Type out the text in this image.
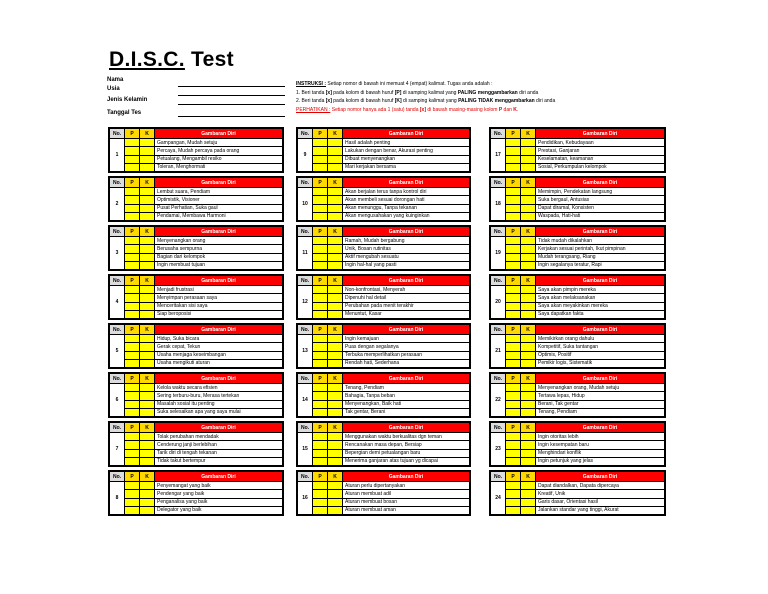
D.I.S.C. Test
Nama
Usia
Jenis Kelamin
Tanggal Tes
INSTRUKSI : Setiap nomor di bawah ini memuat 4 (empat) kalimat. Tugas anda adalah :
1. Beri tanda [x] pada kolom di bawah huruf [P] di samping kalimat yang PALING menggambarkan diri anda
2. Beri tanda [x] pada kolom di bawah huruf [K] di samping kalimat yang PALING TIDAK menggambarkan diri anda
PERHATIKAN : Setiap nomor hanya ada 1 (satu) tanda [x] di bawah masing-masing kolom P dan K.
No.	P	K	Gambaran Diri
1			Gampangan, Mudah setuju
			Percaya, Mudah percaya pada orang
			Petualang, Mengambil resiko
			Toleran, Menghormati
No.	P	K	Gambaran Diri
2			Lembut suara, Pendiam
			Optimistik, Visioner
			Pusat Perhatian, Suka gaul
			Pendamai, Membawa Harmoni
No.	P	K	Gambaran Diri
3			Menyenangkan orang
			Berusaha sempurna
			Bagian dari kelompok
			Ingin membuat tujuan
No.	P	K	Gambaran Diri
4			Menjadi frustrasi
			Menyimpan perasaan saya
			Menceritakan sisi saya
			Siap beroposisi
No.	P	K	Gambaran Diri
5			Hidup, Suka bicara
			Gerak cepat, Tekun
			Usaha menjaga keseimbangan
			Usaha mengikuti aturan
No.	P	K	Gambaran Diri
6			Kelola waktu secara efisien
			Sering terburu-buru, Merasa tertekan
			Masalah sosial itu penting
			Suka selesaikan apa yang saya mulai
No.	P	K	Gambaran Diri
7			Tolak perubahan mendadak
			Cenderung janji berlebihan
			Tarik diri di tengah tekanan
			Tidak takut bertempur
No.	P	K	Gambaran Diri
8			Penyemangat yang baik
			Pendengar yang baik
			Penganalisa yang baik
			Delegator yang baik
No.	P	K	Gambaran Diri
9			Hasil adalah penting
			Lakukan dengan benar, Akurasi penting
			Dibuat menyenangkan
			Mari kerjakan bersama
No.	P	K	Gambaran Diri
10			Akan berjalan terus tanpa kontrol diri
			Akan membeli sesuai dorongan hati
			Akan menunggu, Tanpa tekanan
			Akan mengusahakan yang kuinginkan
No.	P	K	Gambaran Diri
11			Ramah, Mudah bergabung
			Unik, Bosan rutinitas
			Aktif mengubah sesuatu
			Ingin hal-hal yang pasti
No.	P	K	Gambaran Diri
12			Non-konfrontasi, Menyerah
			Dipenuhi hal detail
			Perubahan pada menit terakhir
			Menuntut, Kasar
No.	P	K	Gambaran Diri
13			Ingin kemajuan
			Puas dengan segalanya
			Terbuka memperlihatkan perasaan
			Rendah hati, Sederhana
No.	P	K	Gambaran Diri
14			Tenang, Pendiam
			Bahagia, Tanpa beban
			Menyenangkan, Baik hati
			Tak gentar, Berani
No.	P	K	Gambaran Diri
15			Menggunakan waktu berkualitas dgn teman
			Rencanakan masa depan, Bersiap
			Bepergian demi petualangan baru
			Menerima ganjaran atas tujuan yg dicapai
No.	P	K	Gambaran Diri
16			Aturan perlu dipertanyakan
			Aturan membuat adil
			Aturan membuat bosan
			Aturan membuat aman
No.	P	K	Gambaran Diri
17			Pendidikan, Kebudayaan
			Prestasi, Ganjaran
			Keselamatan, keamanan
			Sosial, Perkumpulan kelompok
No.	P	K	Gambaran Diri
18			Memimpin, Pendekatan langsung
			Suka bergaul, Antusias
			Dapat diramal, Konsisten
			Waspada, Hati-hati
No.	P	K	Gambaran Diri
19			Tidak mudah dikalahkan
			Kerjakan sesuai perintah, Ikut pimpinan
			Mudah terangsang, Riang
			Ingin segalanya teratur, Rapi
No.	P	K	Gambaran Diri
20			Saya akan pimpin mereka
			Saya akan melaksanakan
			Saya akan meyakinkan mereka
			Saya dapatkan fakta
No.	P	K	Gambaran Diri
21			Memikirkan orang dahulu
			Kompetitif, Suka tantangan
			Optimis, Positif
			Pemikir logis, Sistematik
No.	P	K	Gambaran Diri
22			Menyenangkan orang, Mudah setuju
			Tertawa lepas, Hidup
			Berani, Tak gentar
			Tenang, Pendiam
No.	P	K	Gambaran Diri
23			Ingin otoritas lebih
			Ingin kesempatan baru
			Menghindari konflik
			Ingin petunjuk yang jelas
No.	P	K	Gambaran Diri
24			Dapat diandalkan, Dapata dipercaya
			Kreatif, Unik
			Garis dasar, Orientasi hasil
			Jalankan standar yang tinggi, Akurat
